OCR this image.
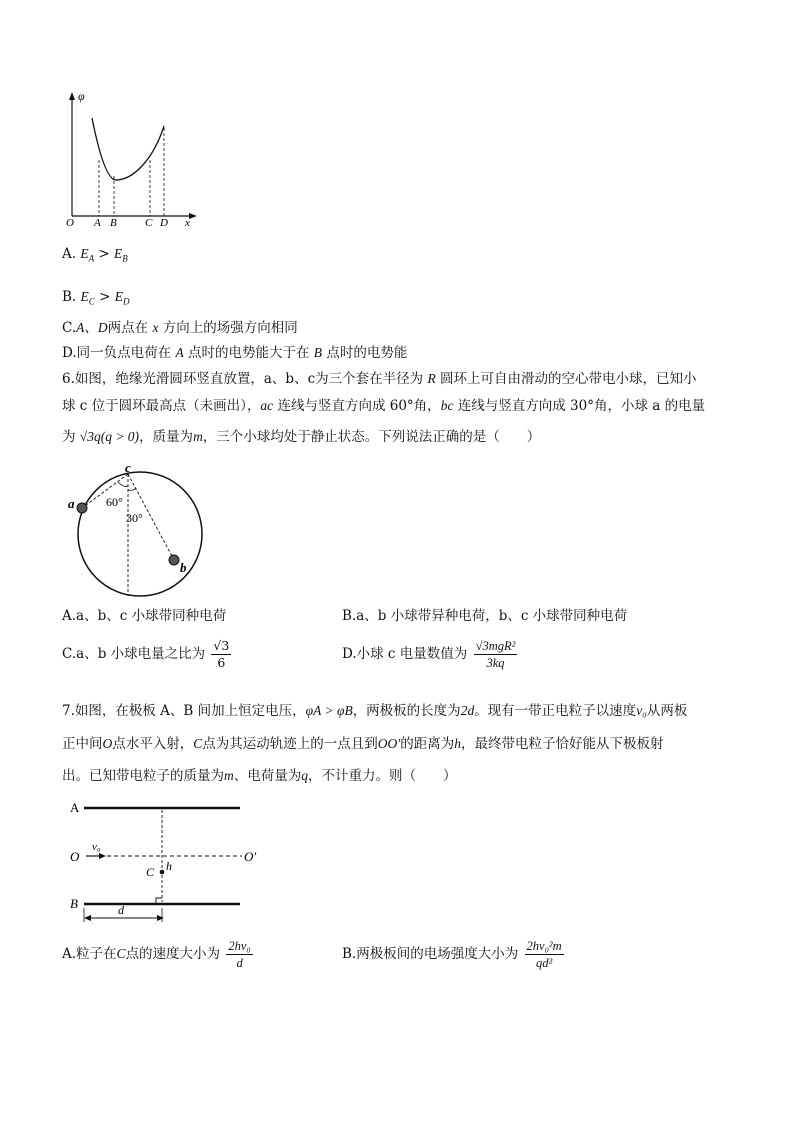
φ
O A B	C D x
A. $E_A > E_B$
B. $E_C > E_D$
C.A、D两点在 x 方向上的场强方向相同
D.同一负点电荷在 A 点时的电势能大于在 B 点时的电势能
6.如图，绝缘光滑圆环竖直放置，a、b、c为三个套在半径为 R 圆环上可自由滑动的空心带电小球，已知小
球 c 位于圆环最高点（未画出），ac 连线与竖直方向成 60°角，bc 连线与竖直方向成 30°角，小球 a 的电量
为 √3q(q > 0)，质量为m，三个小球均处于静止状态。下列说法正确的是（　　）
c
a
b
60°
30°
A.a、b、c 小球带同种电荷	B.a、b 小球带异种电荷，b、c 小球带同种电荷
C.a、b 小球电量之比为 $\frac{√3}{6}$	D.小球 c 电量数值为 $\frac{\text{√3mgR²}}{3kq}$
7.如图，在极板 A、B 间加上恒定电压，φA > φB，两极板的长度为2d。现有一带正电粒子以速度v₀从两板
正中间O点水平入射，C点为其运动轨迹上的一点且到OO′的距离为h，最终带电粒子恰好能从下极板射
出。已知带电粒子的质量为m、电荷量为q，不计重力。则（　　）
A
B
O	O′
v₀
C h
d
A.粒子在C点的速度大小为 $\frac{\text{2hv₀}}{d}$	B.两极板间的电场强度大小为 $\frac{\text{2hv₀²m}}{\text{qd²}}$
